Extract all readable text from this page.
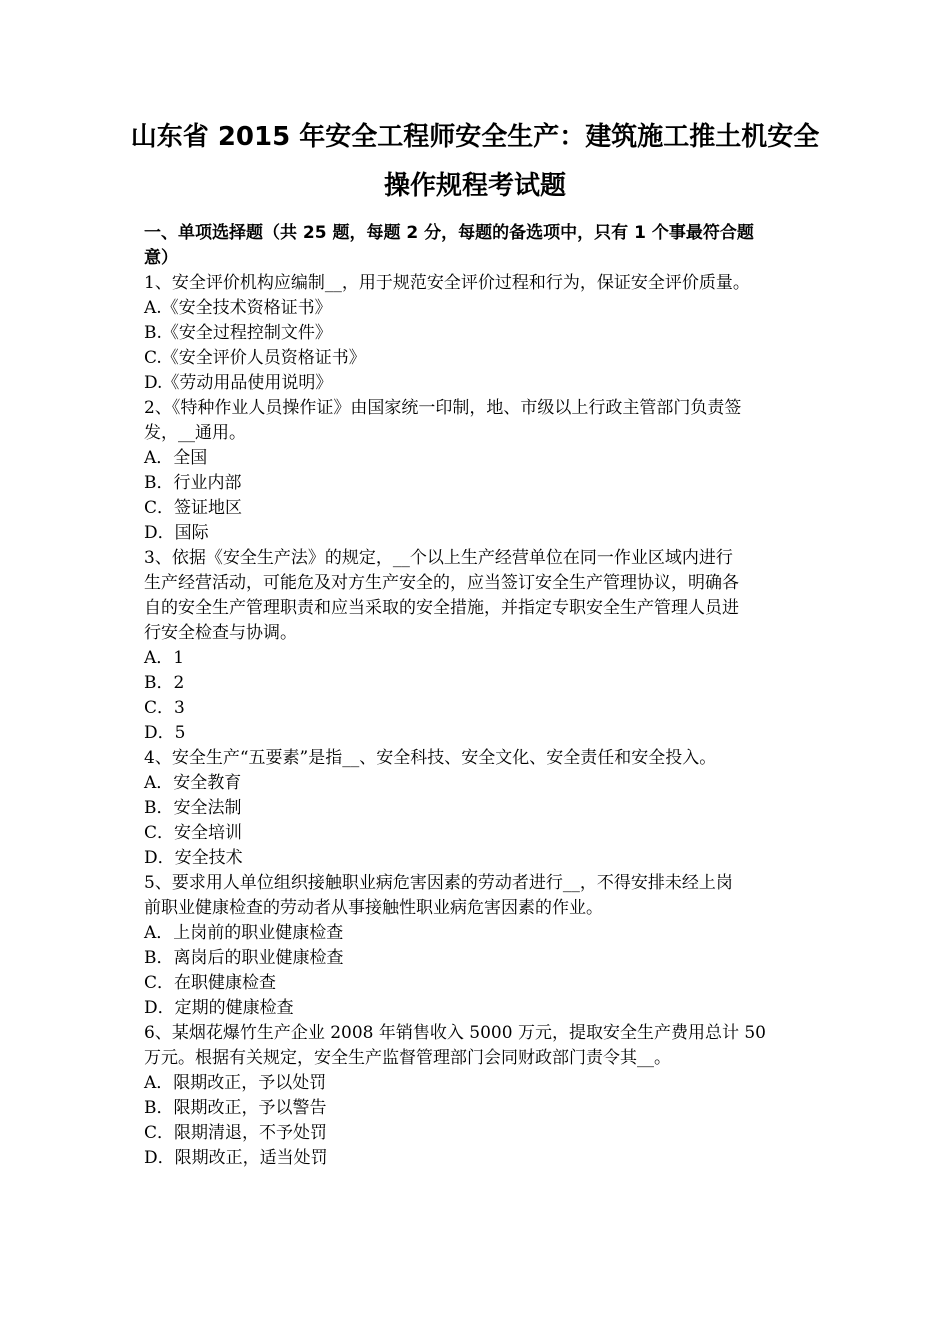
山东省 2015 年安全工程师安全生产：建筑施工推土机安全
操作规程考试题
一、单项选择题（共 25 题，每题 2 分，每题的备选项中，只有 1 个事最符合题
意）
1、安全评价机构应编制__，用于规范安全评价过程和行为，保证安全评价质量。
A.《安全技术资格证书》
B.《安全过程控制文件》
C.《安全评价人员资格证书》
D.《劳动用品使用说明》
2、《特种作业人员操作证》由国家统一印制，地、市级以上行政主管部门负责签
发，__通用。
A．全国
B．行业内部
C．签证地区
D．国际
3、依据《安全生产法》的规定，__个以上生产经营单位在同一作业区域内进行
生产经营活动，可能危及对方生产安全的，应当签订安全生产管理协议，明确各
自的安全生产管理职责和应当采取的安全措施，并指定专职安全生产管理人员进
行安全检查与协调。
A．1
B．2
C．3
D．5
4、安全生产“五要素”是指__、安全科技、安全文化、安全责任和安全投入。
A．安全教育
B．安全法制
C．安全培训
D．安全技术
5、要求用人单位组织接触职业病危害因素的劳动者进行__，不得安排未经上岗
前职业健康检查的劳动者从事接触性职业病危害因素的作业。
A．上岗前的职业健康检查
B．离岗后的职业健康检查
C．在职健康检查
D．定期的健康检查
6、某烟花爆竹生产企业 2008 年销售收入 5000 万元，提取安全生产费用总计 50
万元。根据有关规定，安全生产监督管理部门会同财政部门责令其__。
A．限期改正，予以处罚
B．限期改正，予以警告
C．限期清退，不予处罚
D．限期改正，适当处罚
